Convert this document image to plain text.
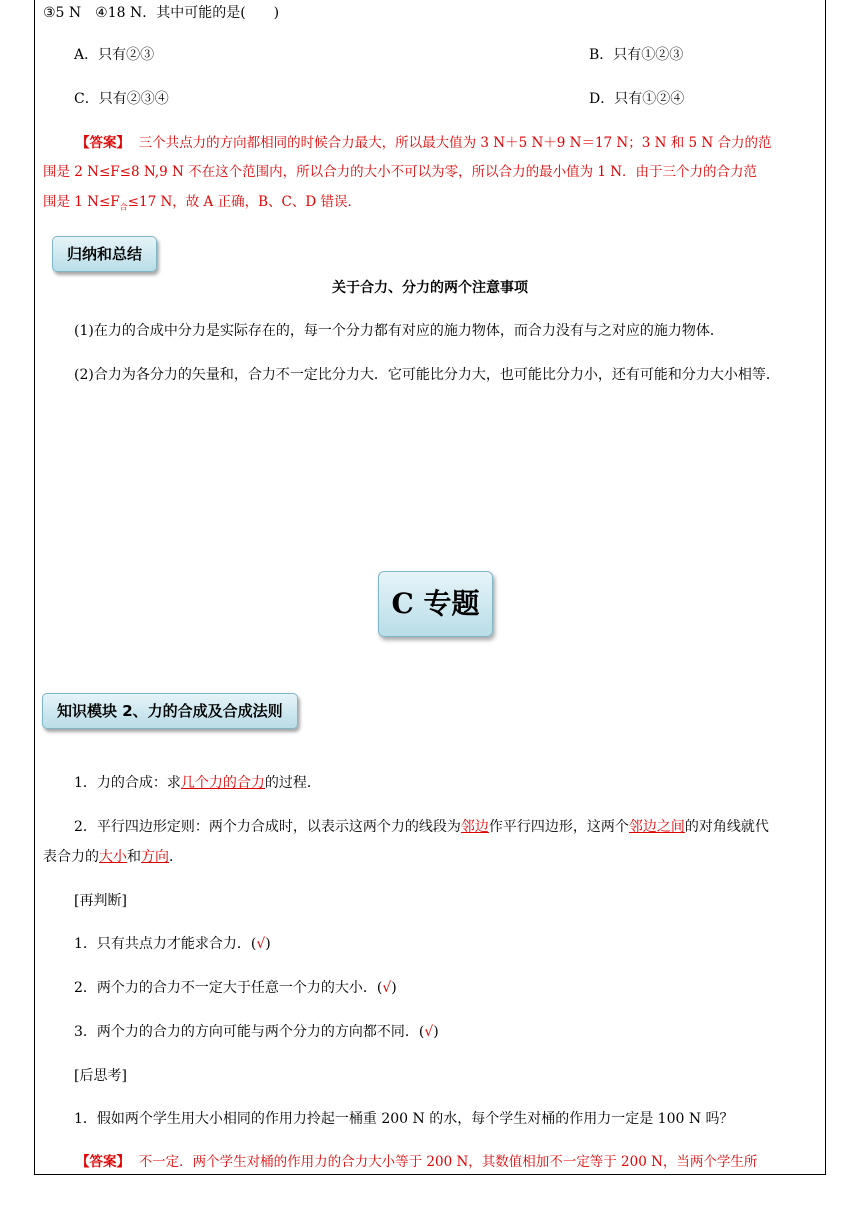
③5 N　④18 N．其中可能的是(　　)
A．只有②③	B．只有①②③
C．只有②③④	D．只有①②④
【答案】 三个共点力的方向都相同的时候合力最大，所以最大值为 3 N＋5 N＋9 N＝17 N；3 N 和 5 N 合力的范
围是 2 N≤F≤8 N,9 N 不在这个范围内，所以合力的大小不可以为零，所以合力的最小值为 1 N．由于三个力的合力范
围是 1 $N\le F_合\le 17$ N，故 A 正确，B、C、D 错误．
归纳和总结
关于合力、分力的两个注意事项
(1)在力的合成中分力是实际存在的，每一个分力都有对应的施力物体，而合力没有与之对应的施力物体．
(2)合力为各分力的矢量和，合力不一定比分力大．它可能比分力大，也可能比分力小，还有可能和分力大小相等．
C 专题
知识模块 2、力的合成及合成法则
1．力的合成：求几个力的合力的过程．
2．平行四边形定则：两个力合成时，以表示这两个力的线段为邻边作平行四边形，这两个邻边之间的对角线就代
表合力的大小和方向．
[再判断]
1．只有共点力才能求合力．(√)
2．两个力的合力不一定大于任意一个力的大小．(√)
3．两个力的合力的方向可能与两个分力的方向都不同．(√)
[后思考]
1．假如两个学生用大小相同的作用力拎起一桶重 200 N 的水，每个学生对桶的作用力一定是 100 N 吗？
【答案】 不一定．两个学生对桶的作用力的合力大小等于 200 N，其数值相加不一定等于 200 N，当两个学生所
